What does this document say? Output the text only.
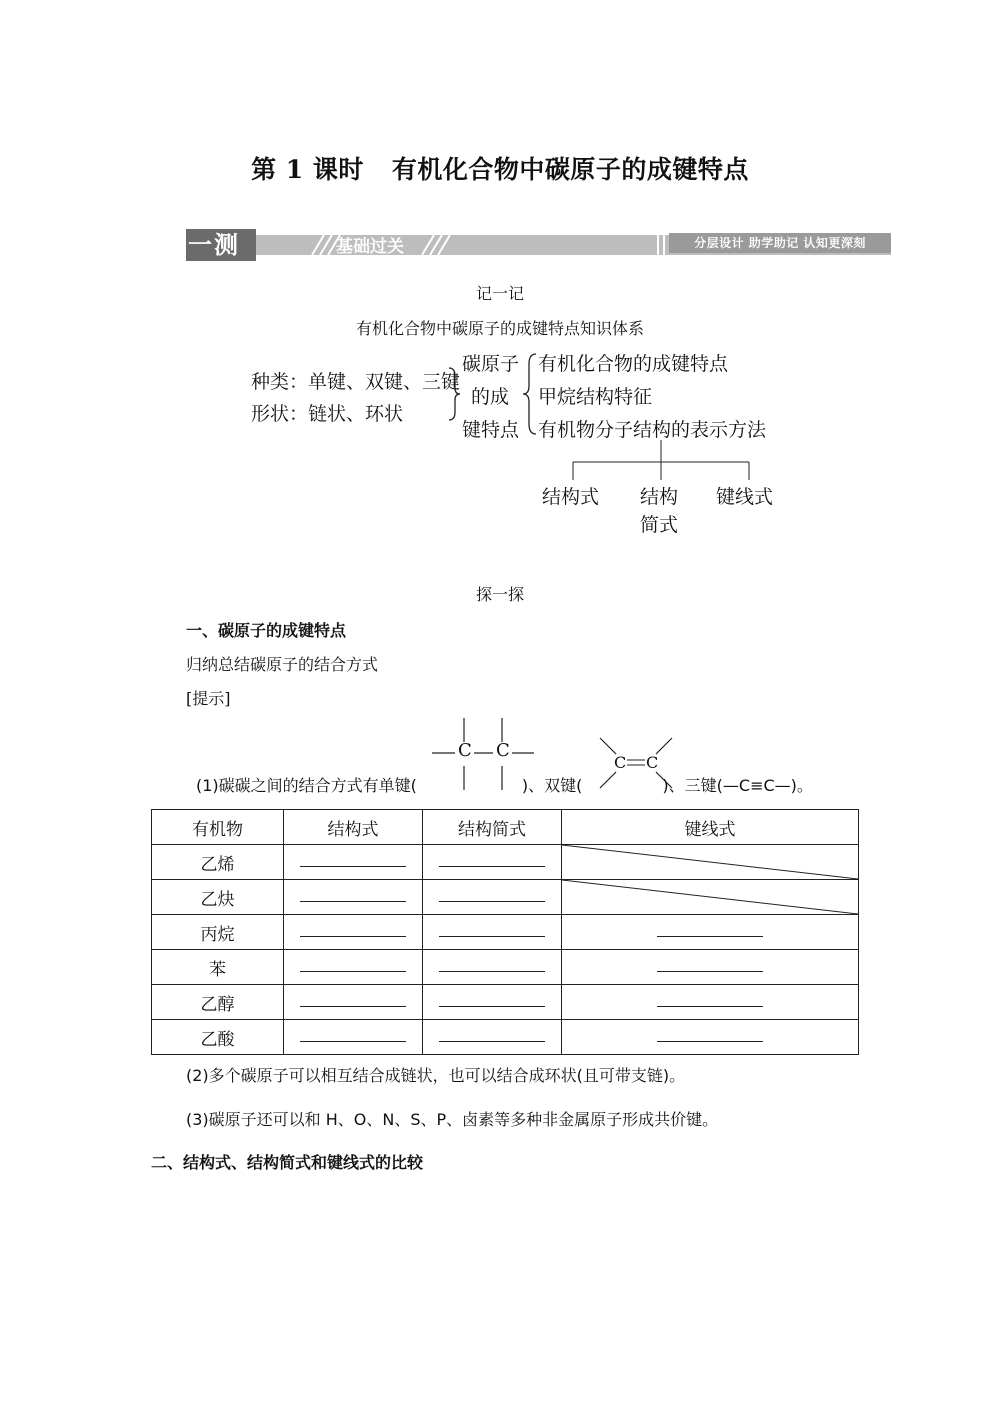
第 1 课时 有机化合物中碳原子的成键特点
一测	基础过关	分层设计 助学助记 认知更深刻
记一记
有机化合物中碳原子的成键特点知识体系
种类：单键、双键、三键
形状：链状、环状
碳原子
的成
键特点
有机化合物的成键特点
甲烷结构特征
有机物分子结构的表示方法
结构式 结构
简式
键线式
探一探
一、碳原子的成键特点
归纳总结碳原子的结合方式
[提示]
C C
C C
(1)碳碳之间的结合方式有单键(	)、双键(	)、三键(—C≡C—)。
有机物	结构式	结构简式	键线式
乙烯			

乙炔			

丙烷			
苯			
乙醇			
乙酸			
(2)多个碳原子可以相互结合成链状，也可以结合成环状(且可带支链)。
(3)碳原子还可以和 H、O、N、S、P、卤素等多种非金属原子形成共价键。
二、结构式、结构简式和键线式的比较
